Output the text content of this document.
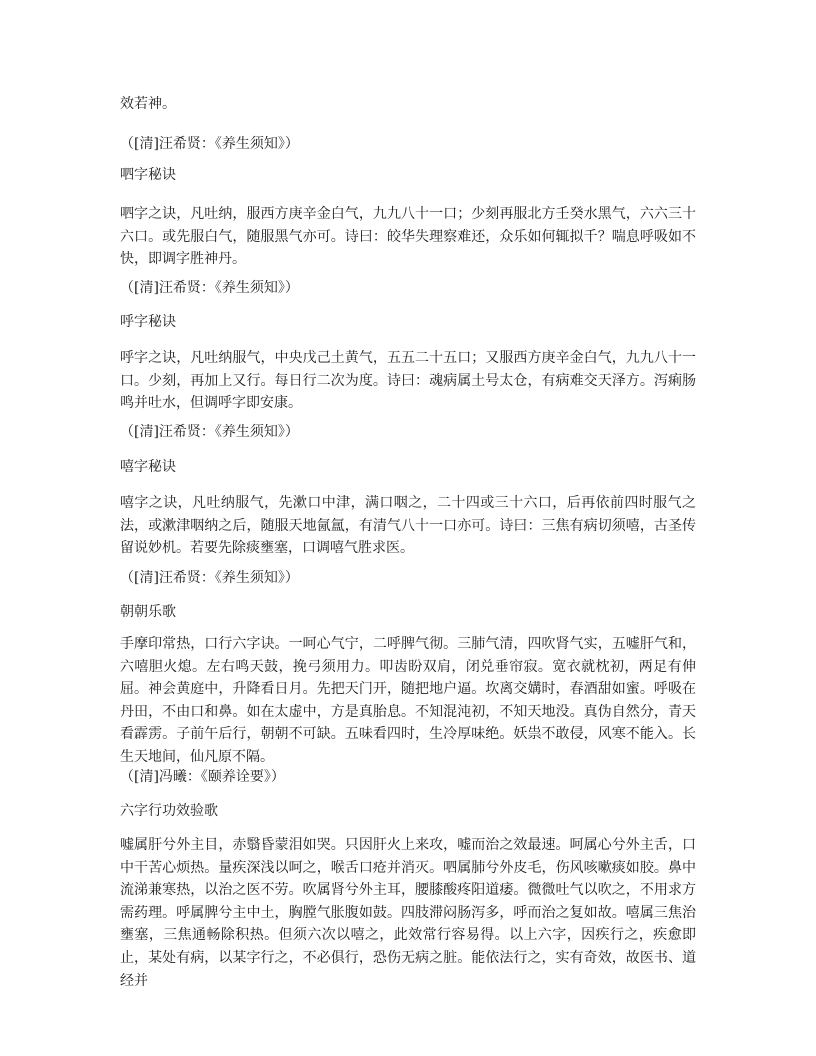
效若神。

（[清]汪希贤：《养生须知》）

呬字秘诀

呬字之诀，凡吐纳，服西方庚辛金白气，九九八十一口；少刻再服北方壬癸水黑气，六六三十六口。或先服白气，随服黑气亦可。诗曰：皎华失理察难还，众乐如何辄拟千？喘息呼吸如不快，即调字胜神丹。

（[清]汪希贤：《养生须知》）

呼字秘诀

呼字之诀，凡吐纳服气，中央戊己土黄气，五五二十五口；又服西方庚辛金白气，九九八十一口。少刻，再加上又行。每日行二次为度。诗曰：魂病属土号太仓，有病难交天泽方。泻痢肠鸣并吐水，但调呼字即安康。

（[清]汪希贤：《养生须知》）

嘻字秘诀

嘻字之诀，凡吐纳服气，先漱口中津，满口咽之，二十四或三十六口，后再依前四时服气之法，或漱津咽纳之后，随服天地氤氲，有清气八十一口亦可。诗曰：三焦有病切须嘻，古圣传留说妙机。若要先除痰壅塞，口调嘻气胜求医。

（[清]汪希贤：《养生须知》）

朝朝乐歌

手摩印常热，口行六字诀。一呵心气宁，二呼脾气彻。三肺气清，四吹肾气实，五嘘肝气和，六嘻胆火熄。左右鸣天鼓，挽弓须用力。叩齿盼双肩，闭兑垂帘寂。宽衣就枕初，两足有伸屈。神会黄庭中，升降看日月。先把天门开，随把地户逼。坎离交媾时，春酒甜如蜜。呼吸在丹田，不由口和鼻。如在太虚中，方是真胎息。不知混沌初，不知天地没。真伪自然分，青天看霹雳。子前午后行，朝朝不可缺。五味看四时，生冷厚味绝。妖祟不敢侵，风寒不能入。长生天地间，仙凡原不隔。

（[清]冯曦：《颐养诠要》）

六字行功效验歌

嘘属肝兮外主目，赤翳昏蒙泪如哭。只因肝火上来攻，嘘而治之效最速。呵属心兮外主舌，口中干苦心烦热。量疾深浅以呵之，喉舌口疮并消灭。呬属肺兮外皮毛，伤风咳嗽痰如胶。鼻中流涕兼寒热，以治之医不劳。吹属肾兮外主耳，腰膝酸疼阳道痿。微微吐气以吹之，不用求方需药理。呼属脾兮主中土，胸膛气胀腹如鼓。四肢滞闷肠泻多，呼而治之复如故。嘻属三焦治壅塞，三焦通畅除积热。但须六次以嘻之，此效常行容易得。以上六字，因疾行之，疾愈即止，某处有病，以某字行之，不必俱行，恐伤无病之脏。能依法行之，实有奇效，故医书、道经并
